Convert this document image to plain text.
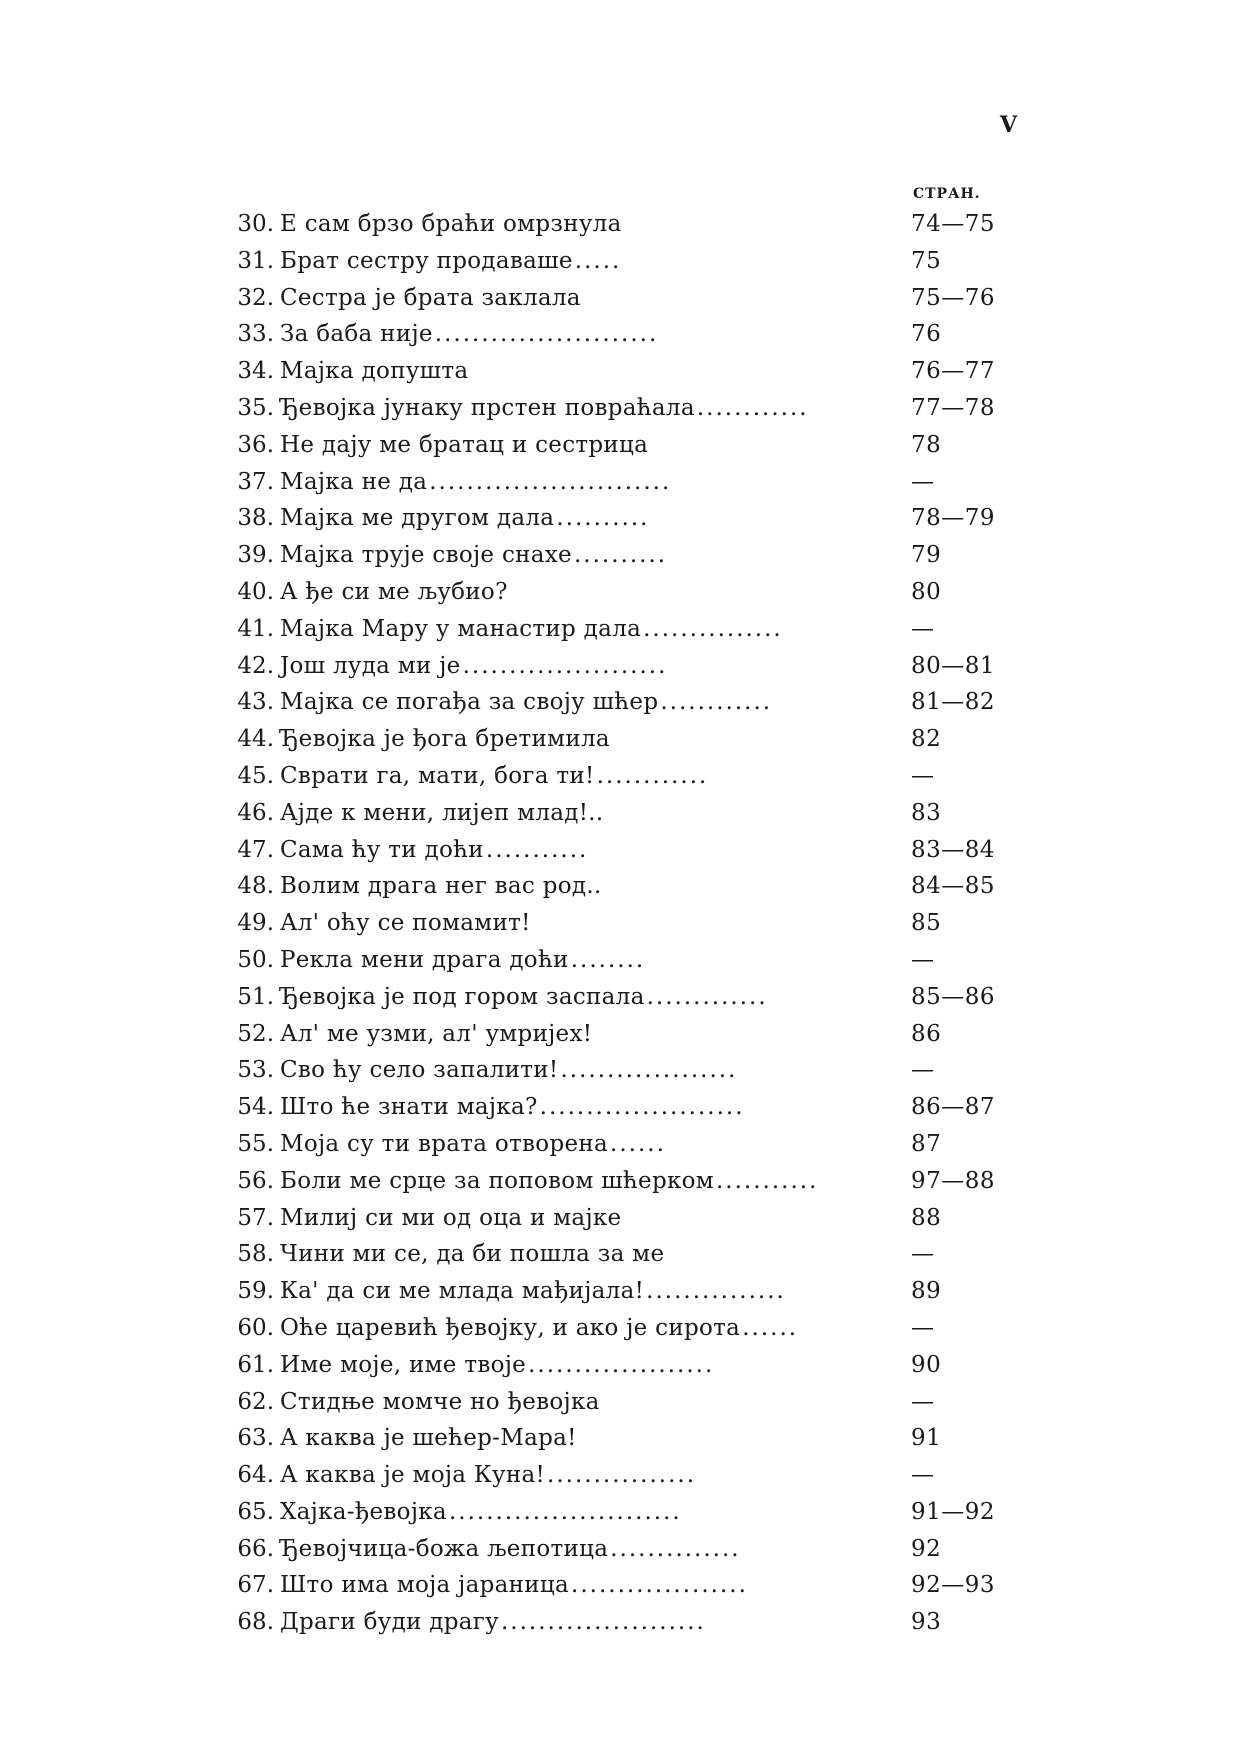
V
СТРАН.
30. Е сам брзо браћи омрзнула	74—75
31. Брат сестру продаваше.....	75
32. Сестра је брата заклала	75—76
33. За баба није........................	76
34. Мајка допушта	76—77
35. Ђевојка јунаку прстен повраћала............	77—78
36. Не дају ме братац и сестрица	78
37. Мајка не да..........................	—
38. Мајка ме другом дала..........	78—79
39. Мајка трује своје снахе..........	79
40. А ђе си ме љубио?	80
41. Мајка Мару у манастир дала...............	—
42. Још луда ми је......................	80—81
43. Мајка се погађа за своју шћер............	81—82
44. Ђевојка је ђога бретимила	82
45. Сврати га, мати, бога ти!............	—
46. Ајде к мени, лијеп млад!..	83
47. Сама ћу ти доћи...........	83—84
48. Волим драга нег вас род..	84—85
49. Ал' оћу се помамит!	85
50. Рекла мени драга доћи........	—
51. Ђевојка је под гором заспала.............	85—86
52. Ал' ме узми, ал' умријех!	86
53. Сво ћу село запалити!...................	—
54. Што ће знати мајка?......................	86—87
55. Моја су ти врата отворена......	87
56. Боли ме срце за поповом шћерком...........	97—88
57. Милиј си ми од оца и мајке	88
58. Чини ми се, да би пошла за ме	—
59. Ка' да си ме млада мађијала!...............	89
60. Оће царевић ђевојку, и ако је сирота......	—
61. Име моје, име твоје....................	90
62. Стидње момче но ђевојка	—
63. А каква је шећер-Мара!	91
64. А каква је моја Куна!................	—
65. Хајка-ђевојка.........................	91—92
66. Ђевојчица-божа љепотица..............	92
67. Што има моја јараница...................	92—93
68. Драги буди драгу......................	93
